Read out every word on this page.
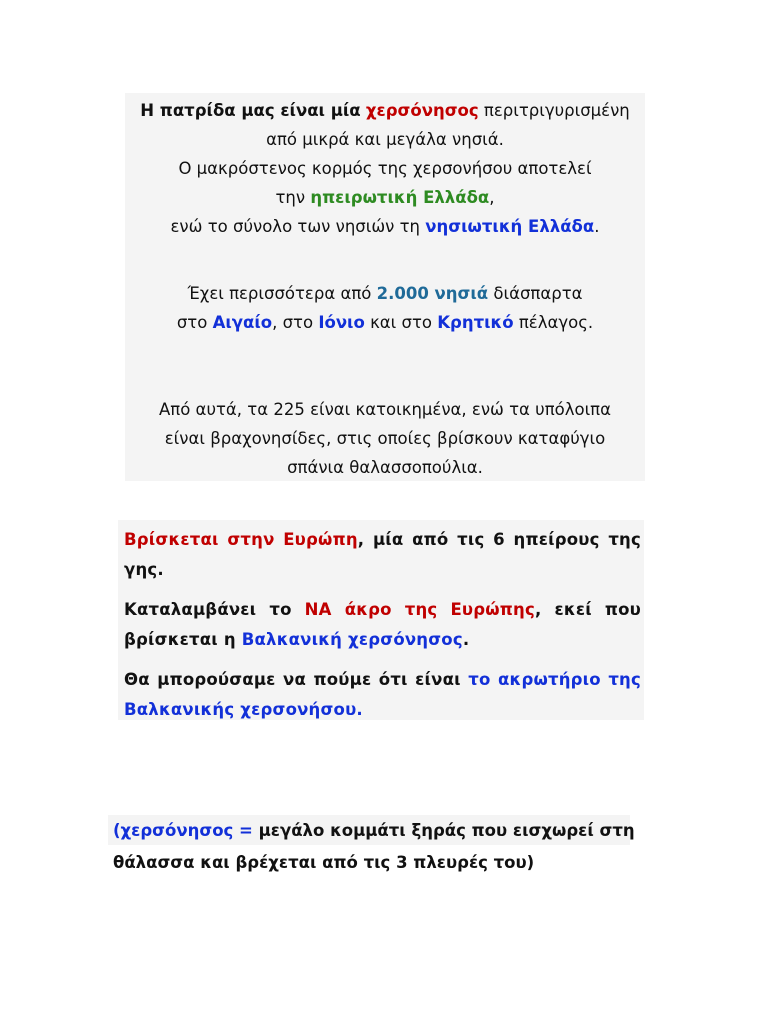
Η πατρίδα μας είναι μία χερσόνησος περιτριγυρισμένη
από μικρά και μεγάλα νησιά.
Ο μακρόστενος κορμός της χερσονήσου αποτελεί
την ηπειρωτική Ελλάδα,
ενώ το σύνολο των νησιών τη νησιωτική Ελλάδα.
Έχει περισσότερα από 2.000 νησιά διάσπαρτα
στο Αιγαίο, στο Ιόνιο και στο Κρητικό πέλαγος.
Από αυτά, τα 225 είναι κατοικημένα, ενώ τα υπόλοιπα
είναι βραχονησίδες, στις οποίες βρίσκουν καταφύγιο
σπάνια θαλασσοπούλια.
Βρίσκεται στην Ευρώπη, μία από τις 6 ηπείρους της γης.
Καταλαμβάνει το ΝΑ άκρο της Ευρώπης, εκεί που βρίσκεται η Βαλκανική χερσόνησος.
Θα μπορούσαμε να πούμε ότι είναι το ακρωτήριο της Βαλκανικής χερσονήσου.
(χερσόνησος = μεγάλο κομμάτι ξηράς που εισχωρεί στη
θάλασσα και βρέχεται από τις 3 πλευρές του)
